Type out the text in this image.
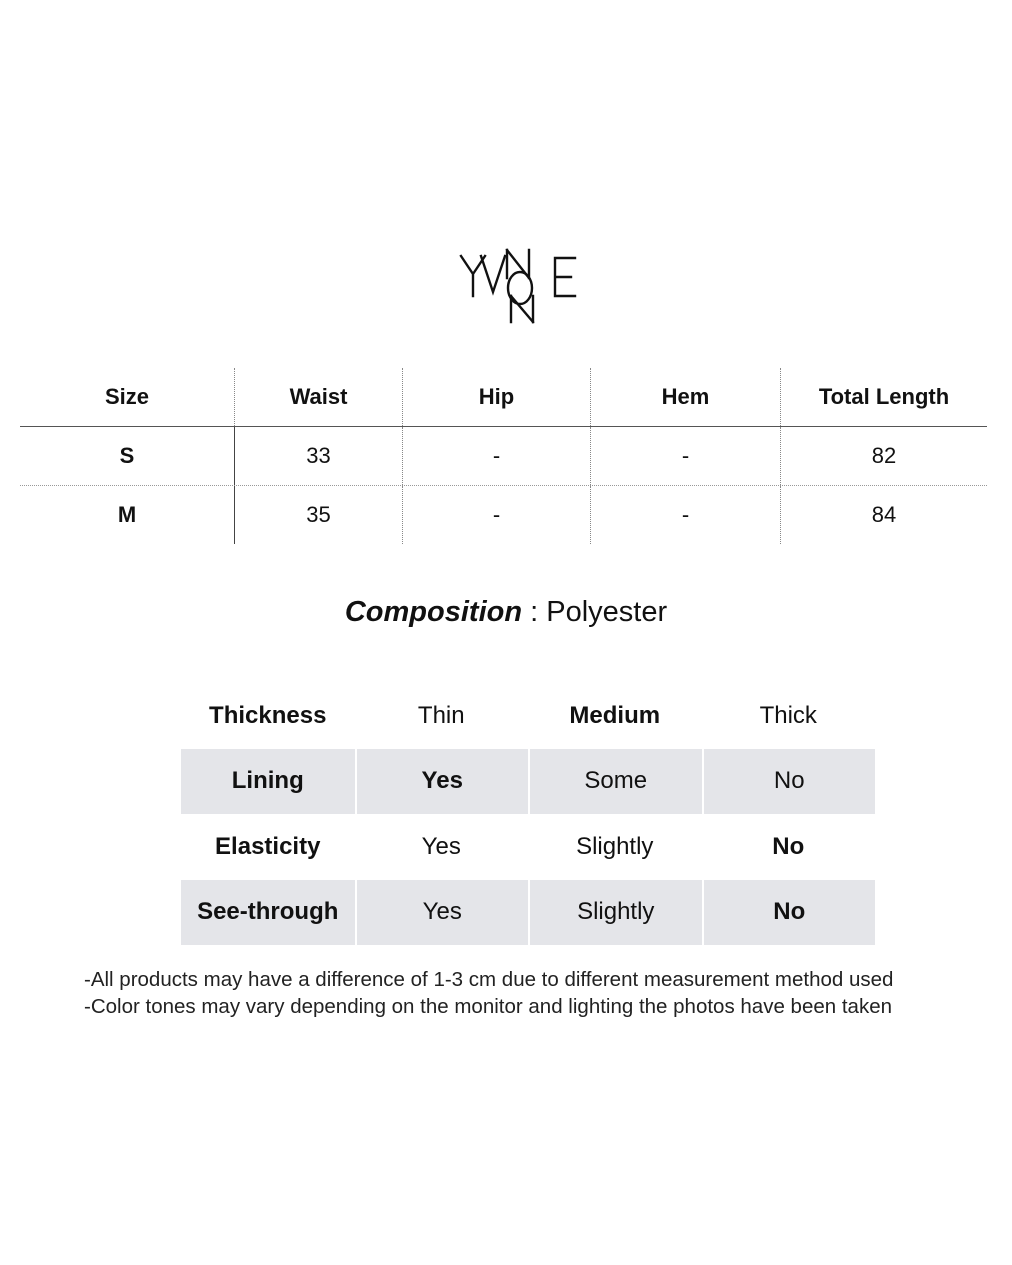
Size	Waist	Hip	Hem	Total Length
S	33	-	-	82
M	35	-	-	84
Composition : Polyester
Thickness	Thin	Medium	Thick
Lining	Yes	Some	No
Elasticity	Yes	Slightly	No
See-through	Yes	Slightly	No
-All products may have a difference of 1-3 cm due to different measurement method used
-Color tones may vary depending on the monitor and lighting the photos have been taken
